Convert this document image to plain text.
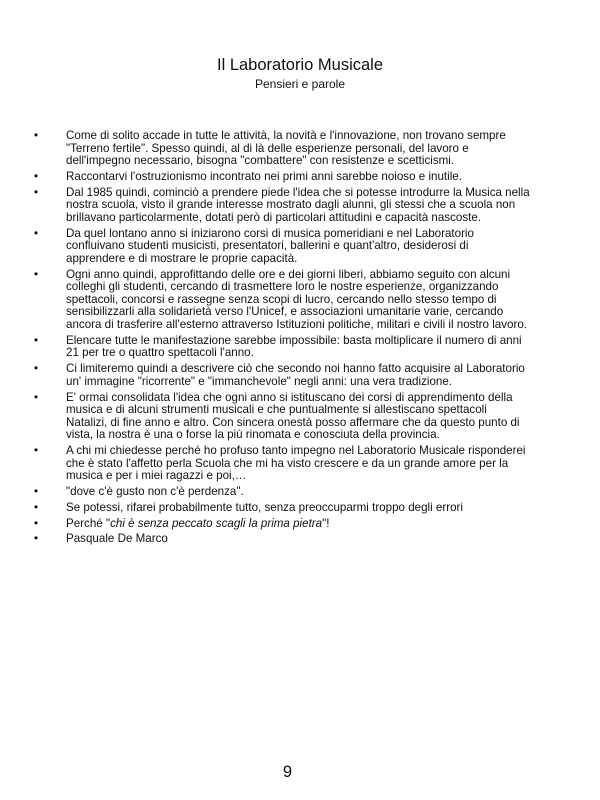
Il Laboratorio Musicale
Pensieri e parole
•	Come di solito accade in tutte le attività, la novità e l'innovazione, non trovano sempre "Terreno fertile". Spesso quindi, al di là delle esperienze personali, del lavoro e dell'impegno necessario, bisogna "combattere" con resistenze e scetticismi.
•	Raccontarvi l'ostruzionismo incontrato nei primi anni sarebbe noioso e inutile.
•	Dal 1985 quindi, cominciò a prendere piede l'idea che si potesse introdurre la Musica nella nostra scuola, visto il grande interesse mostrato dagli alunni, gli stessi che a scuola non brillavano particolarmente, dotati però di particolari attitudini e capacità nascoste.
•	Da quel lontano anno si iniziarono corsi di musica pomeridiani e nel Laboratorio confluivano studenti musicisti, presentatori, ballerini e quant'altro, desiderosi di apprendere e di mostrare le proprie capacità.
•	Ogni anno quindi, approfittando delle ore e dei giorni liberi, abbiamo seguito con alcuni colleghi gli studenti, cercando di trasmettere loro le nostre esperienze, organizzando spettacoli, concorsi e rassegne senza scopi di lucro, cercando nello stesso tempo di sensibilizzarli alla solidarietà verso l'Unicef, e associazioni umanitarie varie, cercando ancora di trasferire all'esterno attraverso Istituzioni politiche, militari e civili il nostro lavoro.
•	Elencare tutte le manifestazione sarebbe impossibile: basta moltiplicare il numero di anni 21 per tre o quattro spettacoli l'anno.
•	Ci limiteremo quindi a descrivere ciò che secondo noi hanno fatto acquisire al Laboratorio un' immagine "ricorrente" e "immanchevole" negli anni: una vera tradizione.
•	E' ormai consolidata l'idea che ogni anno si istituscano dei corsi di apprendimento della musica e di alcuni strumenti musicali e che puntualmente si allestiscano spettacoli Natalizi, di fine anno e altro. Con sincera onestà posso affermare che da questo punto di vista, la nostra è una o forse la più rinomata e conosciuta della provincia.
•	A chi mi chiedesse perché ho profuso tanto impegno nel Laboratorio Musicale risponderei che è stato l'affetto perla Scuola che mi ha visto crescere e da un grande amore per la musica e per i miei ragazzi e poi,…
•	"dove c'è gusto non c'è perdenza".
•	Se potessi, rifarei probabilmente tutto, senza preoccuparmi troppo degli errori
•	Perché "chi è senza peccato scagli la prima pietra"!
•	Pasquale De Marco
9
